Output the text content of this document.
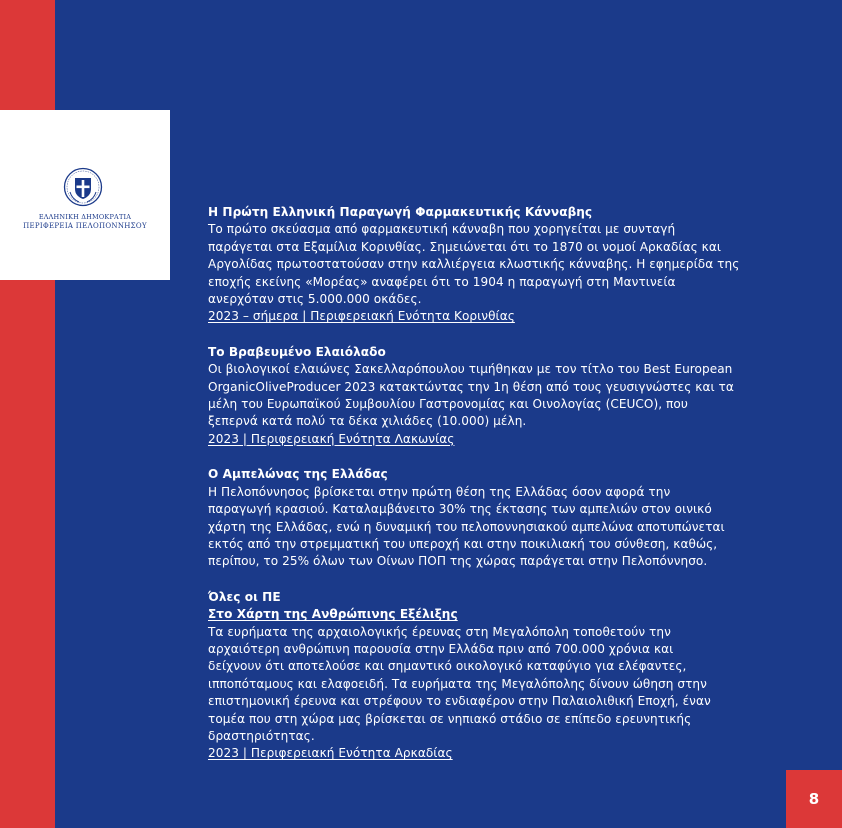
ΕΛΛΗΝΙΚΗ ΔΗΜΟΚΡΑΤΙΑ
ΠΕΡΙΦΕΡΕΙΑ ΠΕΛΟΠΟΝΝΗΣΟΥ

Η Πρώτη Ελληνική Παραγωγή Φαρμακευτικής Κάνναβης

Το πρώτο σκεύασμα από φαρμακευτική κάνναβη που χορηγείται με συνταγή

παράγεται στα Εξαμίλια Κορινθίας. Σημειώνεται ότι το 1870 οι νομοί Αρκαδίας και

Αργολίδας πρωτοστατούσαν στην καλλιέργεια κλωστικής κάνναβης. Η εφημερίδα της

εποχής εκείνης «Μορέας» αναφέρει ότι το 1904 η παραγωγή στη Μαντινεία

ανερχόταν στις 5.000.000 οκάδες.

2023 – σήμερα | Περιφερειακή Ενότητα Κορινθίας

Το Βραβευμένο Ελαιόλαδο

Οι βιολογικοί ελαιώνες Σακελλαρόπουλου τιμήθηκαν με τον τίτλο του Best European

OrganicOliveProducer 2023 κατακτώντας την 1η θέση από τους γευσιγνώστες και τα

μέλη του Ευρωπαϊκού Συμβουλίου Γαστρονομίας και Οινολογίας (CEUCO), που

ξεπερνά κατά πολύ τα δέκα χιλιάδες (10.000) μέλη.

2023 | Περιφερειακή Ενότητα Λακωνίας

Ο Αμπελώνας της Ελλάδας

Η Πελοπόννησος βρίσκεται στην πρώτη θέση της Ελλάδας όσον αφορά την

παραγωγή κρασιού. Καταλαμβάνειτο 30% της έκτασης των αμπελιών στον οινικό

χάρτη της Ελλάδας, ενώ η δυναμική του πελοποννησιακού αμπελώνα αποτυπώνεται

εκτός από την στρεμματική του υπεροχή και στην ποικιλιακή του σύνθεση, καθώς,

περίπου, το 25% όλων των Οίνων ΠΟΠ της χώρας παράγεται στην Πελοπόννησο.

Όλες οι ΠΕ

Στο Χάρτη της Ανθρώπινης Εξέλιξης

Τα ευρήματα της αρχαιολογικής έρευνας στη Μεγαλόπολη τοποθετούν την

αρχαιότερη ανθρώπινη παρουσία στην Ελλάδα πριν από 700.000 χρόνια και

δείχνουν ότι αποτελούσε και σημαντικό οικολογικό καταφύγιο για ελέφαντες,

ιπποπόταμους και ελαφοειδή. Τα ευρήματα της Μεγαλόπολης δίνουν ώθηση στην

επιστημονική έρευνα και στρέφουν το ενδιαφέρον στην Παλαιολιθική Εποχή, έναν

τομέα που στη χώρα μας βρίσκεται σε νηπιακό στάδιο σε επίπεδο ερευνητικής

δραστηριότητας.

2023 | Περιφερειακή Ενότητα Αρκαδίας

8
